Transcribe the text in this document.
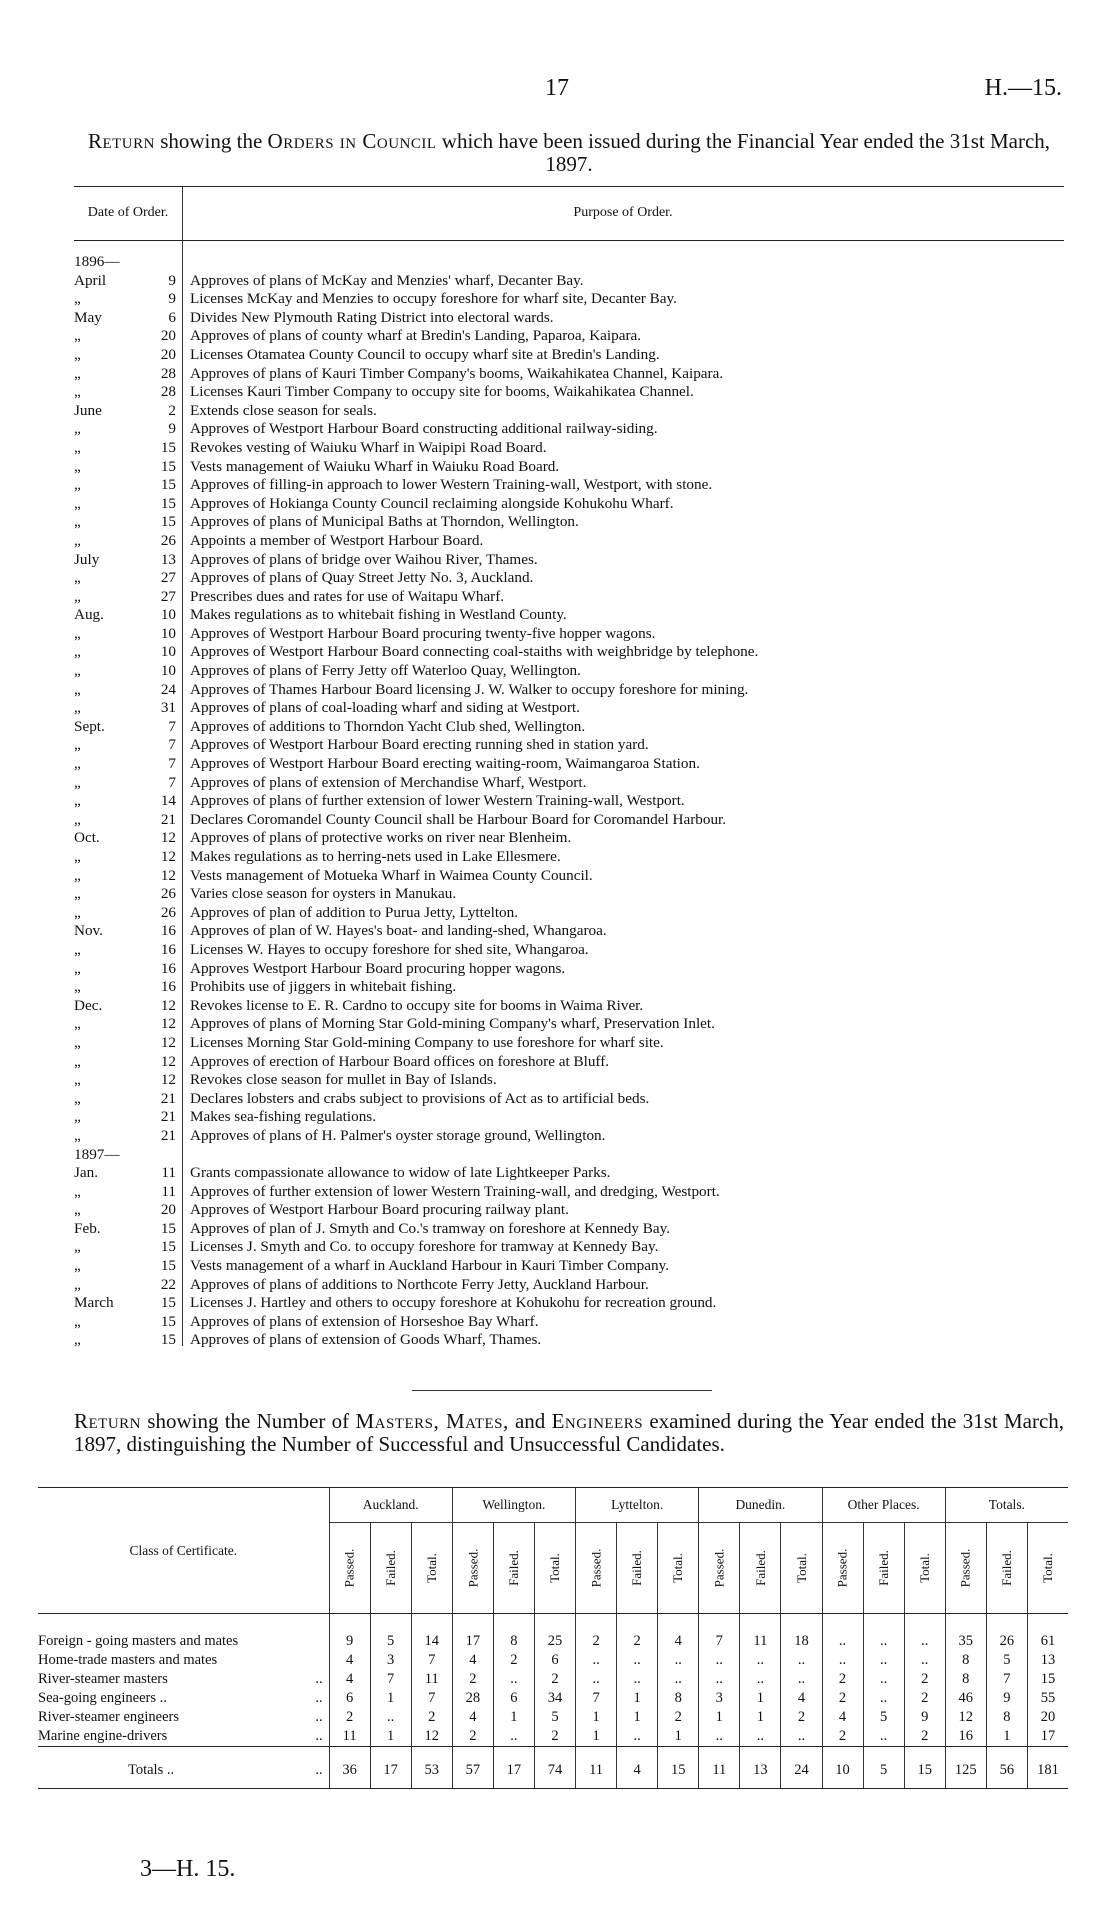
17	H.—15.
Return showing the Orders in Council which have been issued during the Financial Year ended the 31st March, 1897.
Date of Order.	Purpose of Order.
1896—
April	9 Approves of plans of McKay and Menzies' wharf, Decanter Bay.
„	9 Licenses McKay and Menzies to occupy foreshore for wharf site, Decanter Bay.
May	6 Divides New Plymouth Rating District into electoral wards.
„	20 Approves of plans of county wharf at Bredin's Landing, Paparoa, Kaipara.
„	20 Licenses Otamatea County Council to occupy wharf site at Bredin's Landing.
„	28 Approves of plans of Kauri Timber Company's booms, Waikahikatea Channel, Kaipara.
„	28 Licenses Kauri Timber Company to occupy site for booms, Waikahikatea Channel.
June	2 Extends close season for seals.
„	9 Approves of Westport Harbour Board constructing additional railway-siding.
„	15 Revokes vesting of Waiuku Wharf in Waipipi Road Board.
„	15 Vests management of Waiuku Wharf in Waiuku Road Board.
„	15 Approves of filling-in approach to lower Western Training-wall, Westport, with stone.
„	15 Approves of Hokianga County Council reclaiming alongside Kohukohu Wharf.
„	15 Approves of plans of Municipal Baths at Thorndon, Wellington.
„	26 Appoints a member of Westport Harbour Board.
July	13 Approves of plans of bridge over Waihou River, Thames.
„	27 Approves of plans of Quay Street Jetty No. 3, Auckland.
„	27 Prescribes dues and rates for use of Waitapu Wharf.
Aug.	10 Makes regulations as to whitebait fishing in Westland County.
„	10 Approves of Westport Harbour Board procuring twenty-five hopper wagons.
„	10 Approves of Westport Harbour Board connecting coal-staiths with weighbridge by telephone.
„	10 Approves of plans of Ferry Jetty off Waterloo Quay, Wellington.
„	24 Approves of Thames Harbour Board licensing J. W. Walker to occupy foreshore for mining.
„	31 Approves of plans of coal-loading wharf and siding at Westport.
Sept.	7 Approves of additions to Thorndon Yacht Club shed, Wellington.
„	7 Approves of Westport Harbour Board erecting running shed in station yard.
„	7 Approves of Westport Harbour Board erecting waiting-room, Waimangaroa Station.
„	7 Approves of plans of extension of Merchandise Wharf, Westport.
„	14 Approves of plans of further extension of lower Western Training-wall, Westport.
„	21 Declares Coromandel County Council shall be Harbour Board for Coromandel Harbour.
Oct.	12 Approves of plans of protective works on river near Blenheim.
„	12 Makes regulations as to herring-nets used in Lake Ellesmere.
„	12 Vests management of Motueka Wharf in Waimea County Council.
„	26 Varies close season for oysters in Manukau.
„	26 Approves of plan of addition to Purua Jetty, Lyttelton.
Nov.	16 Approves of plan of W. Hayes's boat- and landing-shed, Whangaroa.
„	16 Licenses W. Hayes to occupy foreshore for shed site, Whangaroa.
„	16 Approves Westport Harbour Board procuring hopper wagons.
„	16 Prohibits use of jiggers in whitebait fishing.
Dec.	12 Revokes license to E. R. Cardno to occupy site for booms in Waima River.
„	12 Approves of plans of Morning Star Gold-mining Company's wharf, Preservation Inlet.
„	12 Licenses Morning Star Gold-mining Company to use foreshore for wharf site.
„	12 Approves of erection of Harbour Board offices on foreshore at Bluff.
„	12 Revokes close season for mullet in Bay of Islands.
„	21 Declares lobsters and crabs subject to provisions of Act as to artificial beds.
„	21 Makes sea-fishing regulations.
„	21 Approves of plans of H. Palmer's oyster storage ground, Wellington.
1897—
Jan.	11 Grants compassionate allowance to widow of late Lightkeeper Parks.
„	11 Approves of further extension of lower Western Training-wall, and dredging, Westport.
„	20 Approves of Westport Harbour Board procuring railway plant.
Feb.	15 Approves of plan of J. Smyth and Co.'s tramway on foreshore at Kennedy Bay.
„	15 Licenses J. Smyth and Co. to occupy foreshore for tramway at Kennedy Bay.
„	15 Vests management of a wharf in Auckland Harbour in Kauri Timber Company.
„	22 Approves of plans of additions to Northcote Ferry Jetty, Auckland Harbour.
March	15 Licenses J. Hartley and others to occupy foreshore at Kohukohu for recreation ground.
„	15 Approves of plans of extension of Horseshoe Bay Wharf.
„	15 Approves of plans of extension of Goods Wharf, Thames.
Return showing the Number of Masters, Mates, and Engineers examined during the Year ended the 31st March, 1897, distinguishing the Number of Successful and Unsuccessful Candidates.
Class of Certificate.	Auckland.			Wellington.			Lyttelton.			Dunedin.			Other Places.			Totals.		
	Passed.	Failed.	Total.	Passed.	Failed.	Total.	Passed.	Failed.	Total.	Passed.	Failed.	Total.	Passed.	Failed.	Total.	Passed.	Failed.	Total.
Foreign - going masters and mates	9	5	14	17	8	25	2	2	4	7	11	18	..	..	..	35	26	61
Home-trade masters and mates	4	3	7	4	2	6	..	..	..	..	..	..	..	..	..	8	5	13
River-steamer masters ..	4	7	11	2	..	2	..	..	..	..	..	..	2	..	2	8	7	15
Sea-going engineers .. ..	6	1	7	28	6	34	7	1	8	3	1	4	2	..	2	46	9	55
River-steamer engineers ..	2	..	2	4	1	5	1	1	2	1	1	2	4	5	9	12	8	20
Marine engine-drivers ..	11	1	12	2	..	2	1	..	1	..	..	..	2	..	2	16	1	17
Totals .. ..	36	17	53	57	17	74	11	4	15	11	13	24	10	5	15	125	56	181
3—H. 15.
